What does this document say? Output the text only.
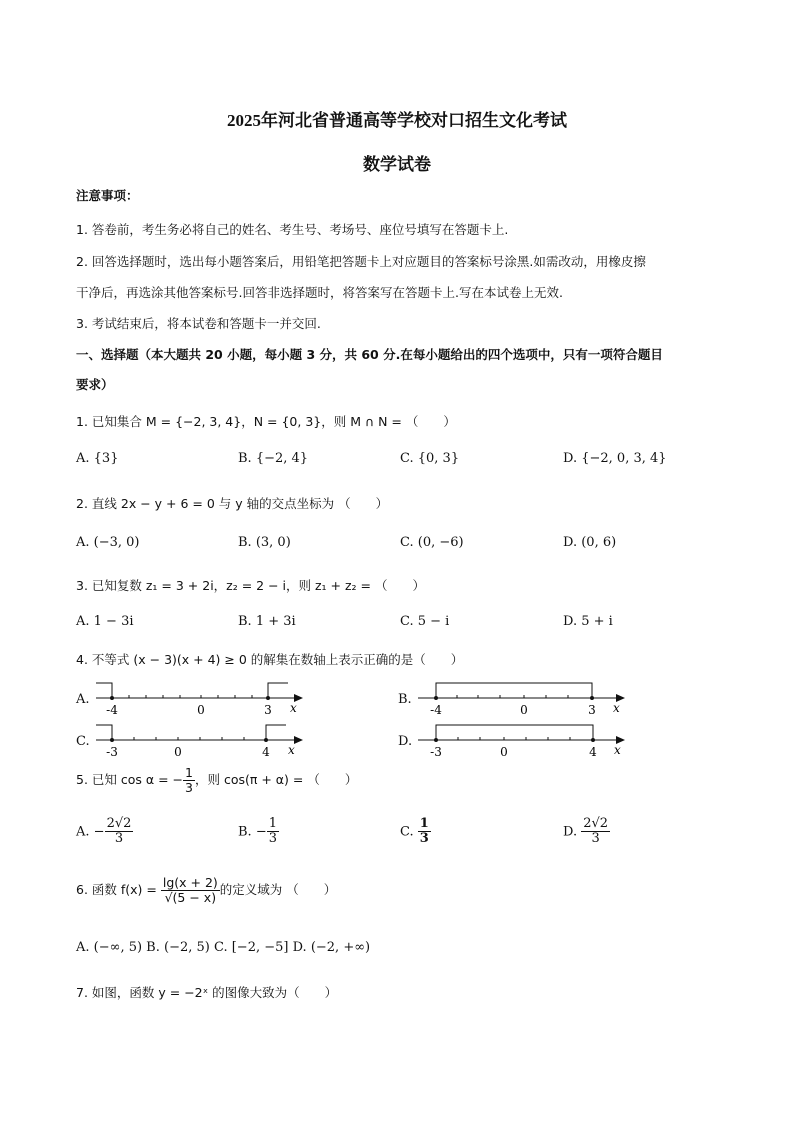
2025年河北省普通高等学校对口招生文化考试
数学试卷
注意事项：
1. 答卷前，考生务必将自己的姓名、考生号、考场号、座位号填写在答题卡上.
2. 回答选择题时，选出每小题答案后，用铅笔把答题卡上对应题目的答案标号涂黑.如需改动，用橡皮擦
干净后，再选涂其他答案标号.回答非选择题时，将答案写在答题卡上.写在本试卷上无效.
3. 考试结束后，将本试卷和答题卡一并交回.
一、选择题（本大题共 20 小题，每小题 3 分，共 60 分.在每小题给出的四个选项中，只有一项符合题目
要求）
1. 已知集合 M = {−2, 3, 4}，N = {0, 3}，则 M ∩ N = （　　）
A. {3}	B. {−2, 4}	C. {0, 3}	D. {−2, 0, 3, 4}
2. 直线 2x − y + 6 = 0 与 y 轴的交点坐标为 （　　）
A. (−3, 0)	B. (3, 0)	C. (0, −6)	D. (0, 6)
3. 已知复数 z₁ = 3 + 2i，z₂ = 2 − i，则 z₁ + z₂ = （　　）
A. 1 − 3i	B. 1 + 3i	C. 5 − i	D. 5 + i
4. 不等式 (x − 3)(x + 4) ≥ 0 的解集在数轴上表示正确的是（　　）
A.
-4	0	3 x
B.
-4	0	3 x
C.
-3	0	4 x
D.
-3	0	4 x
5. 已知 cos α = − $\frac{1}{3}$ ，则 cos(π + α) = （　　）
A. − $\frac{2√2}{3}$	B. − $\frac{1}{3}$	C. $\frac{1}{3}$	D. $\frac{2√2}{3}$
6. 函数 $f(x) = \frac{\lg(x + 2)}{√(5 - x)}$ 的定义域为 （　　）
A. (−∞, 5) B. (−2, 5) C. [−2, −5] D. (−2, +∞)
7. 如图，函数 y = −2ˣ 的图像大致为（　　）
